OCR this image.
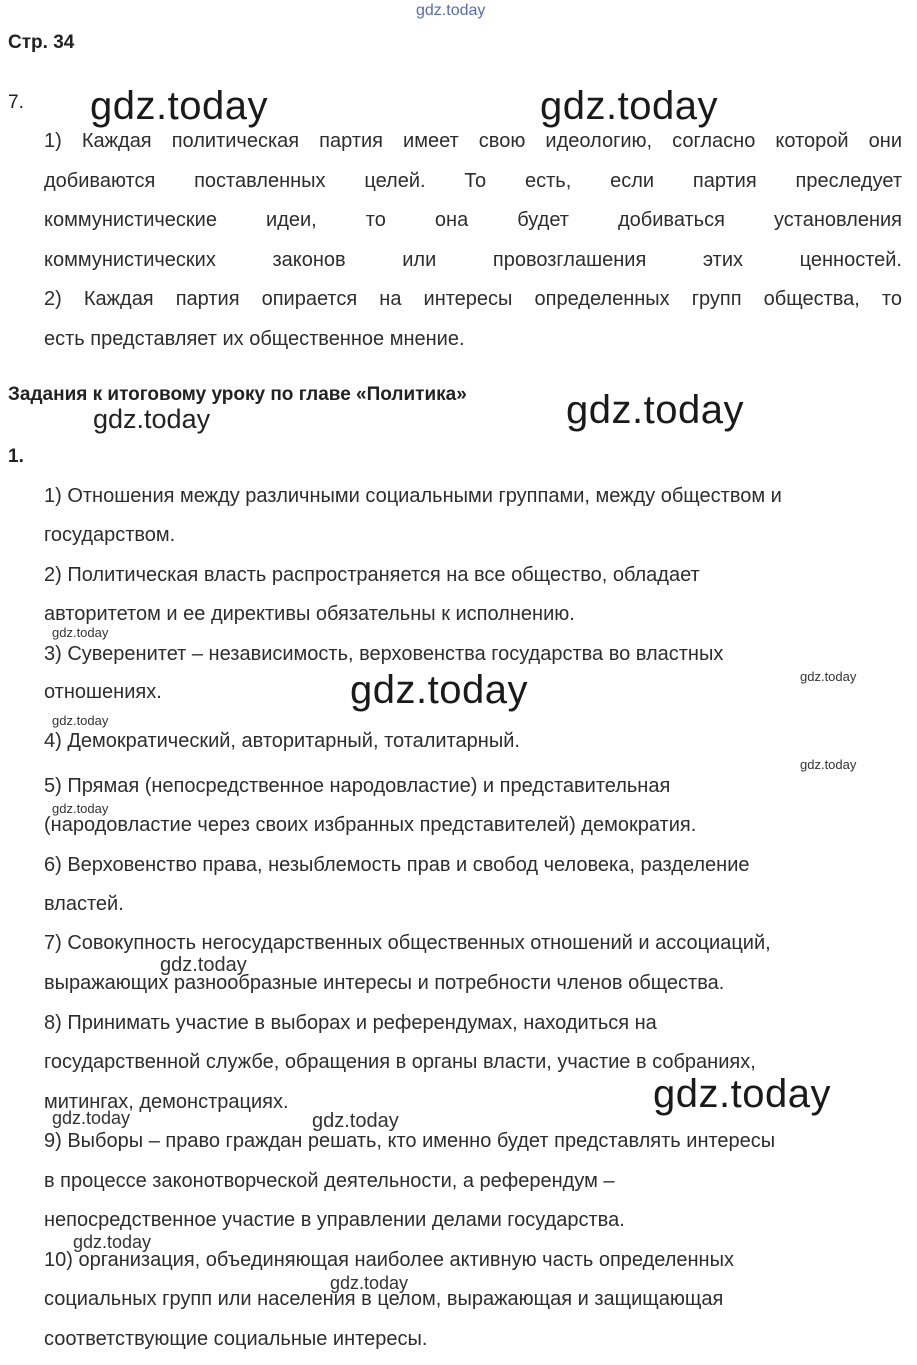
gdz.today
gdz.today	gdz.today
gdz.today
gdz.today
gdz.today
gdz.today	gdz.today
gdz.today
gdz.today
gdz.today
gdz.today
gdz.today
gdz.today	gdz.today
gdz.today
gdz.today
Стр. 34
7.
1) Каждая политическая партия имеет свою идеологию, согласно которой они
добиваются поставленных целей. То есть, если партия преследует
коммунистические идеи, то она будет добиваться установления
коммунистических законов или провозглашения этих ценностей.
2) Каждая партия опирается на интересы определенных групп общества, то
есть представляет их общественное мнение.
Задания к итоговому уроку по главе «Политика»
1.
1) Отношения между различными социальными группами, между обществом и
государством.
2) Политическая власть распространяется на все общество, обладает
авторитетом и ее директивы обязательны к исполнению.
3) Суверенитет – независимость, верховенства государства во властных
отношениях.
4) Демократический, авторитарный, тоталитарный.
5) Прямая (непосредственное народовластие) и представительная
(народовластие через своих избранных представителей) демократия.
6) Верховенство права, незыблемость прав и свобод человека, разделение
властей.
7) Совокупность негосударственных общественных отношений и ассоциаций,
выражающих разнообразные интересы и потребности членов общества.
8) Принимать участие в выборах и референдумах, находиться на
государственной службе, обращения в органы власти, участие в собраниях,
митингах, демонстрациях.
9) Выборы – право граждан решать, кто именно будет представлять интересы
в процессе законотворческой деятельности, а референдум –
непосредственное участие в управлении делами государства.
10) организация, объединяющая наиболее активную часть определенных
социальных групп или населения в целом, выражающая и защищающая
соответствующие социальные интересы.
